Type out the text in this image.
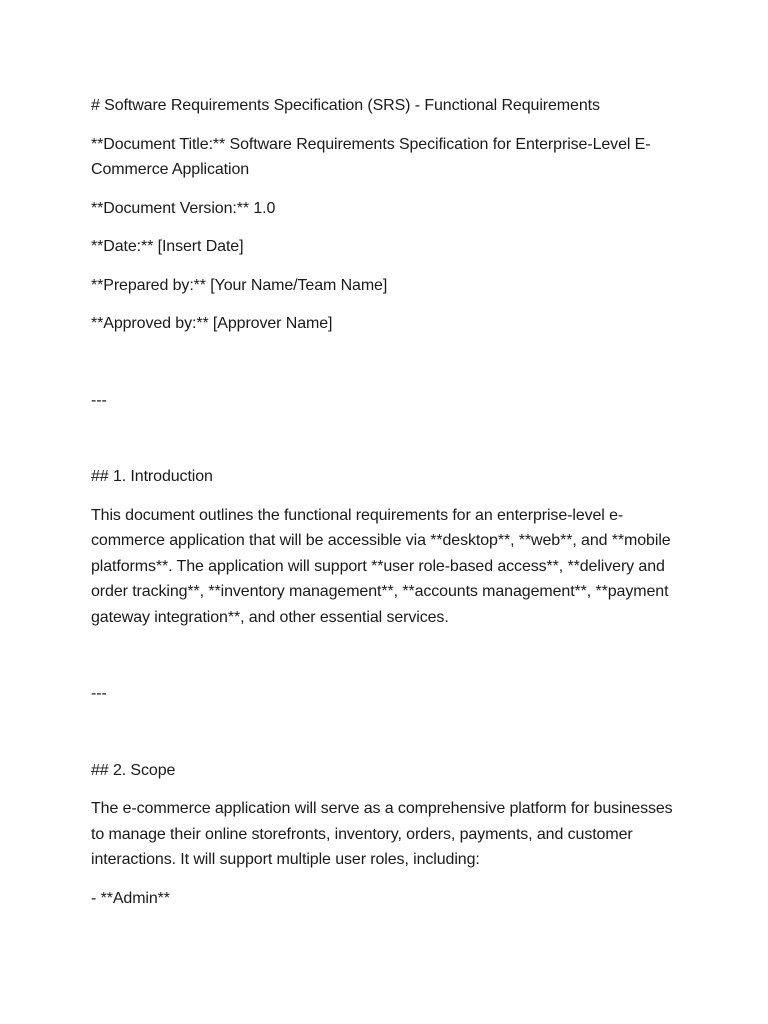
# Software Requirements Specification (SRS) - Functional Requirements

**Document Title:** Software Requirements Specification for Enterprise-Level E-Commerce Application

**Document Version:** 1.0

**Date:** [Insert Date]

**Prepared by:** [Your Name/Team Name]

**Approved by:** [Approver Name]

---

## 1. Introduction

This document outlines the functional requirements for an enterprise-level e-commerce application that will be accessible via **desktop**, **web**, and **mobile platforms**. The application will support **user role-based access**, **delivery and order tracking**, **inventory management**, **accounts management**, **payment gateway integration**, and other essential services.

---

## 2. Scope

The e-commerce application will serve as a comprehensive platform for businesses to manage their online storefronts, inventory, orders, payments, and customer interactions. It will support multiple user roles, including:

- **Admin**
